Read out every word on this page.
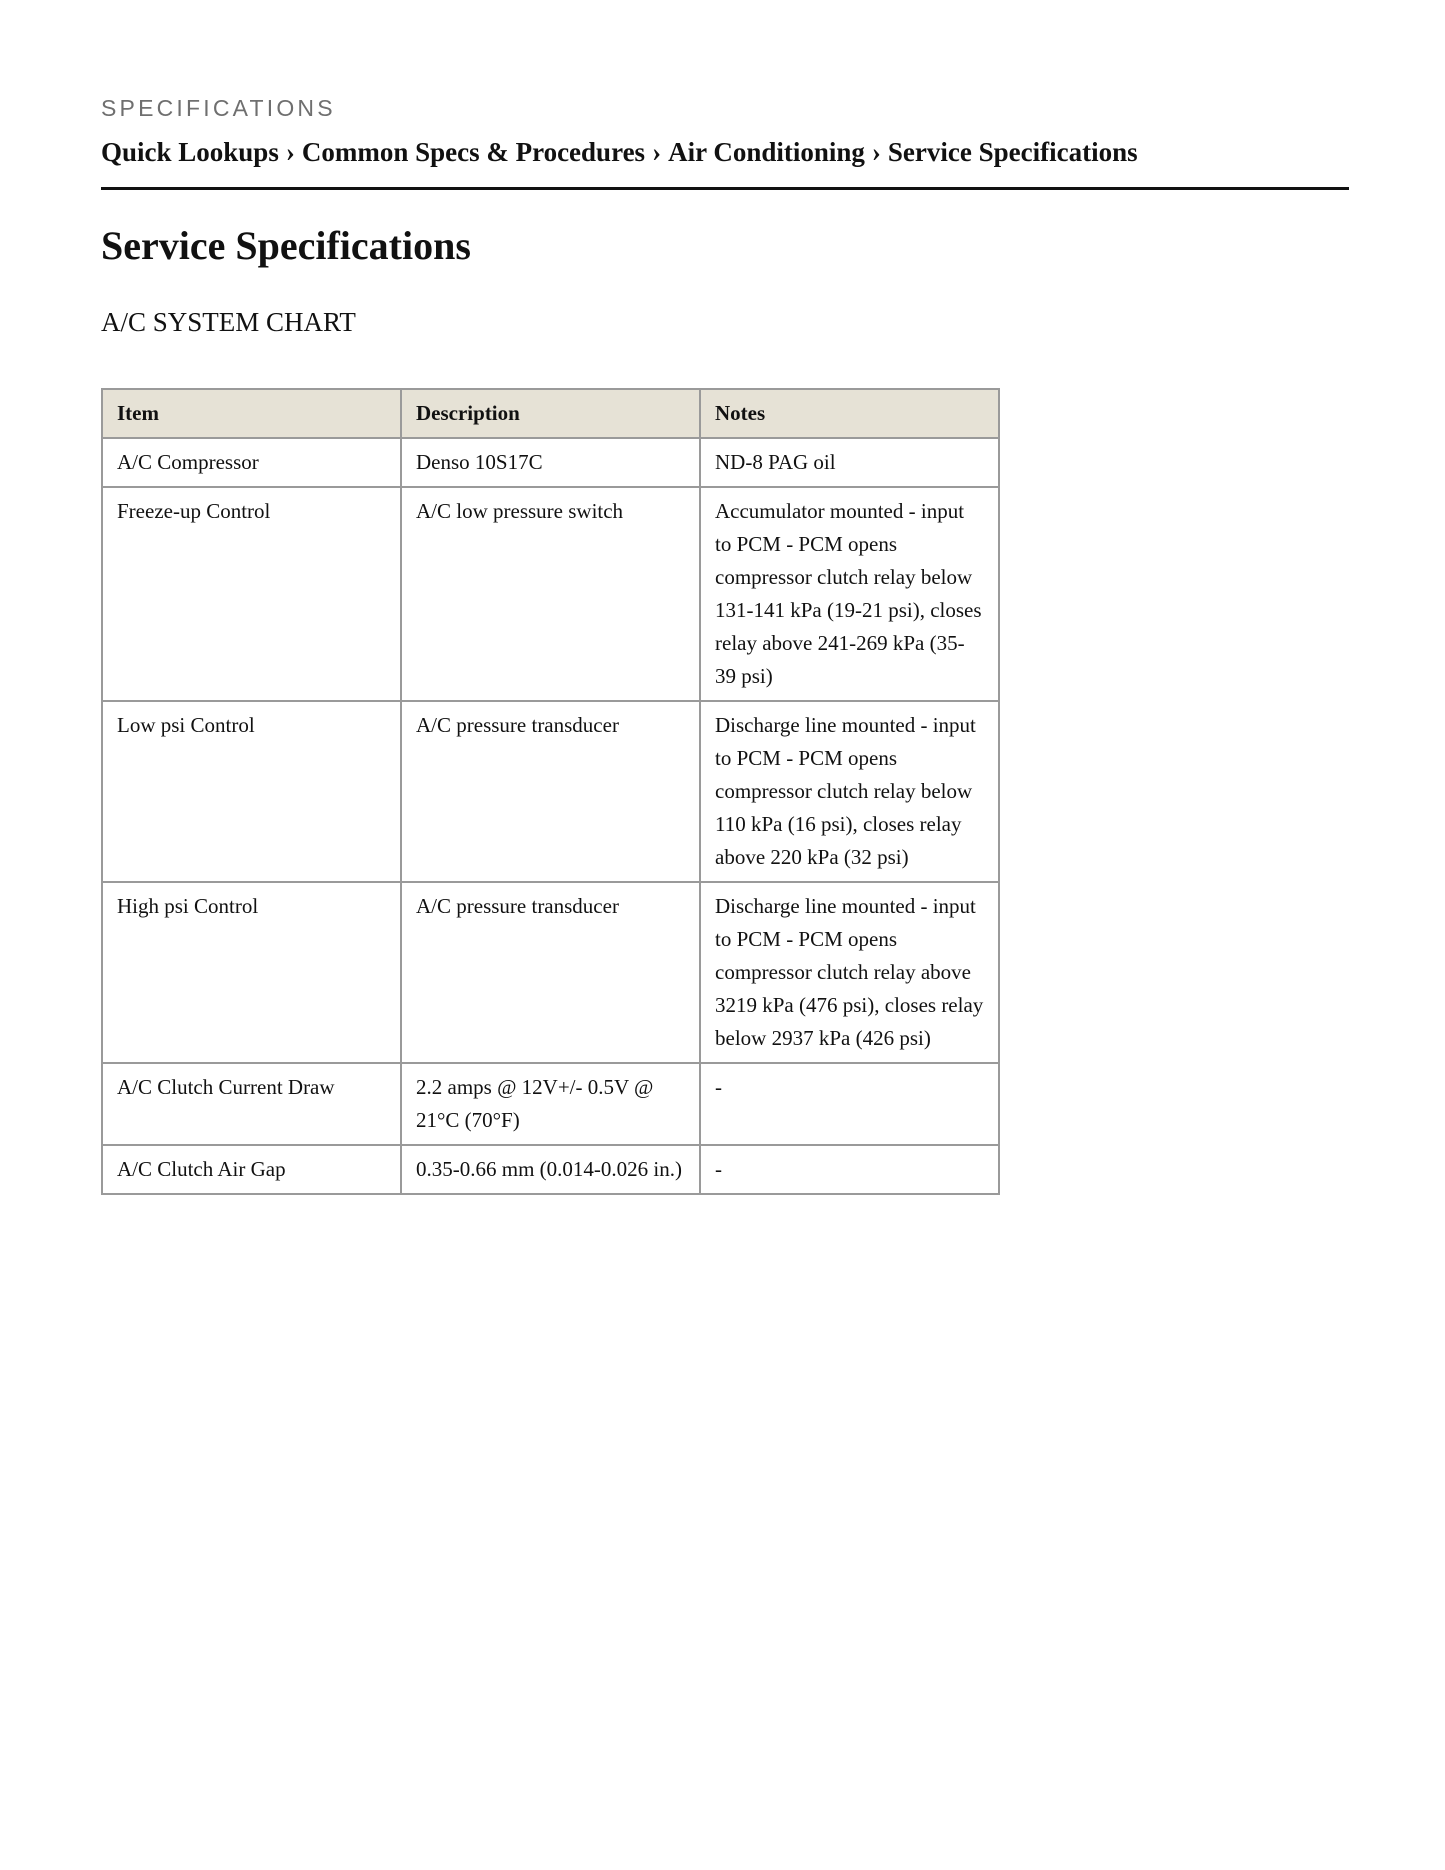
SPECIFICATIONS
Quick Lookups › Common Specs & Procedures › Air Conditioning › Service Specifications
Service Specifications
A/C SYSTEM CHART
Item	Description	Notes
A/C Compressor	Denso 10S17C	ND-8 PAG oil
Freeze-up Control	A/C low pressure switch	Accumulator mounted - input to PCM - PCM opens compressor clutch relay below 131-141 kPa (19-21 psi), closes relay above 241-269 kPa (35-39 psi)
Low psi Control	A/C pressure transducer	Discharge line mounted - input to PCM - PCM opens compressor clutch relay below 110 kPa (16 psi), closes relay above 220 kPa (32 psi)
High psi Control	A/C pressure transducer	Discharge line mounted - input to PCM - PCM opens compressor clutch relay above 3219 kPa (476 psi), closes relay below 2937 kPa (426 psi)
A/C Clutch Current Draw	2.2 amps @ 12V+/- 0.5V @ 21°C (70°F)	-
A/C Clutch Air Gap	0.35-0.66 mm (0.014-0.026 in.)	-
